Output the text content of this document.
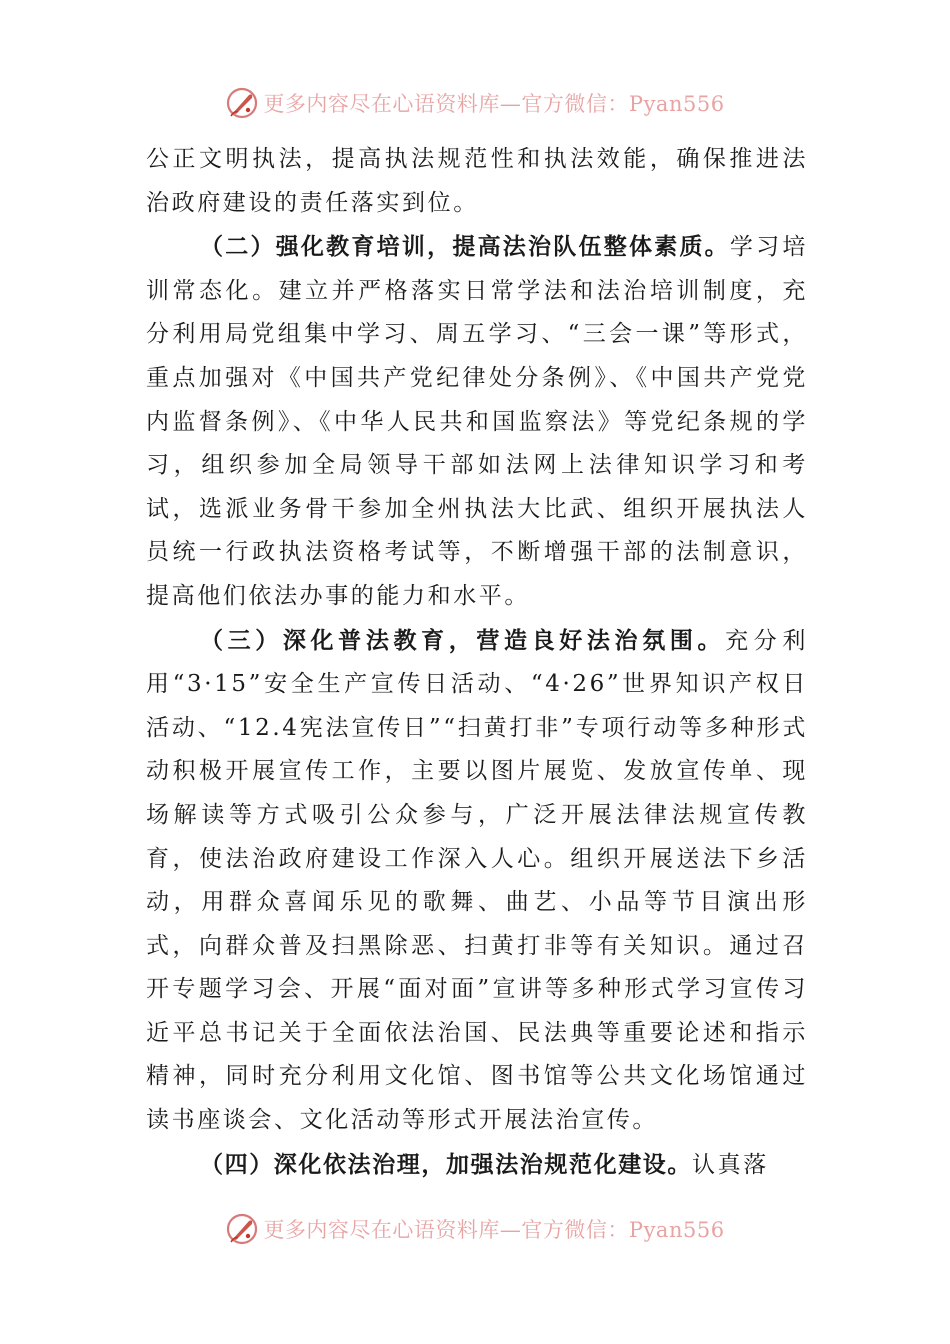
更多内容尽在心语资料库—官方微信：Pyan556

公正文明执法，提高执法规范性和执法效能，确保推进法治政府建设的责任落实到位。

（二）强化教育培训，提高法治队伍整体素质。学习培训常态化。建立并严格落实日常学法和法治培训制度，充分利用局党组集中学习、周五学习、“三会一课”等形式，重点加强对《中国共产党纪律处分条例》、《中国共产党党内监督条例》、《中华人民共和国监察法》等党纪条规的学习，组织参加全局领导干部如法网上法律知识学习和考试，选派业务骨干参加全州执法大比武、组织开展执法人员统一行政执法资格考试等，不断增强干部的法制意识，提高他们依法办事的能力和水平。

（三）深化普法教育，营造良好法治氛围。充分利用“3·15”安全生产宣传日活动、“4·26”世界知识产权日活动、“12.4宪法宣传日”“扫黄打非”专项行动等多种形式动积极开展宣传工作，主要以图片展览、发放宣传单、现场解读等方式吸引公众参与，广泛开展法律法规宣传教育，使法治政府建设工作深入人心。组织开展送法下乡活动，用群众喜闻乐见的歌舞、曲艺、小品等节目演出形式，向群众普及扫黑除恶、扫黄打非等有关知识。通过召开专题学习会、开展“面对面”宣讲等多种形式学习宣传习近平总书记关于全面依法治国、民法典等重要论述和指示精神，同时充分利用文化馆、图书馆等公共文化场馆通过读书座谈会、文化活动等形式开展法治宣传。

（四）深化依法治理，加强法治规范化建设。认真落

更多内容尽在心语资料库—官方微信：Pyan556
